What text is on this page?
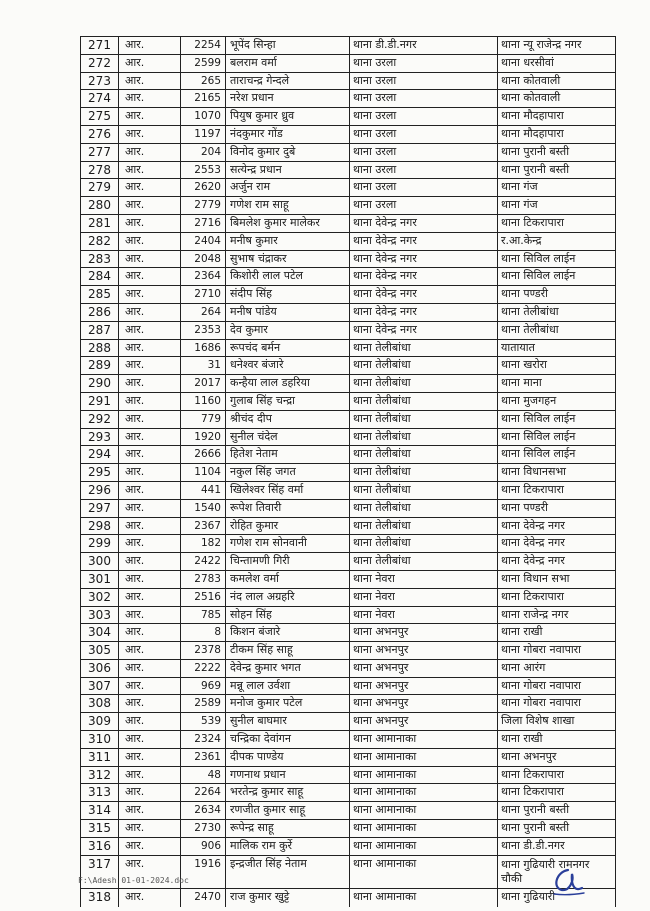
271	आर.	2254	भूपेंद सिन्हा	थाना डी.डी.नगर	थाना न्यू राजेन्द्र नगर
272	आर.	2599	बलराम वर्मा	थाना उरला	थाना धरसीवां
273	आर.	265	ताराचन्द्र गेन्दले	थाना उरला	थाना कोतवाली
274	आर.	2165	नरेश प्रधान	थाना उरला	थाना कोतवाली
275	आर.	1070	पियुष कुमार ध्रुव	थाना उरला	थाना मौदहापारा
276	आर.	1197	नंदकुमार गोंड	थाना उरला	थाना मौदहापारा
277	आर.	204	विनोद कुमार दुबे	थाना उरला	थाना पुरानी बस्ती
278	आर.	2553	सत्येन्द्र प्रधान	थाना उरला	थाना पुरानी बस्ती
279	आर.	2620	अर्जुन राम	थाना उरला	थाना गंज
280	आर.	2779	गणेश राम साहू	थाना उरला	थाना गंज
281	आर.	2716	बिमलेश कुमार मालेकर	थाना देवेन्द्र नगर	थाना टिकरापारा
282	आर.	2404	मनीष कुमार	थाना देवेन्द्र नगर	र.आ.केन्द्र
283	आर.	2048	सुभाष चंद्राकर	थाना देवेन्द्र नगर	थाना सिविल लाईन
284	आर.	2364	किशोरी लाल पटेल	थाना देवेन्द्र नगर	थाना सिविल लाईन
285	आर.	2710	संदीप सिंह	थाना देवेन्द्र नगर	थाना पण्डरी
286	आर.	264	मनीष पांडेय	थाना देवेन्द्र नगर	थाना तेलीबांधा
287	आर.	2353	देव कुमार	थाना देवेन्द्र नगर	थाना तेलीबांधा
288	आर.	1686	रूपचंद बर्मन	थाना तेलीबांधा	यातायात
289	आर.	31	धनेश्वर बंजारे	थाना तेलीबांधा	थाना खरोरा
290	आर.	2017	कन्हैया लाल डहरिया	थाना तेलीबांधा	थाना माना
291	आर.	1160	गुलाब सिंह चन्द्रा	थाना तेलीबांधा	थाना मुजगहन
292	आर.	779	श्रीचंद दीप	थाना तेलीबांधा	थाना सिविल लाईन
293	आर.	1920	सुनील चंदेल	थाना तेलीबांधा	थाना सिविल लाईन
294	आर.	2666	हितेश नेताम	थाना तेलीबांधा	थाना सिविल लाईन
295	आर.	1104	नकुल सिंह जगत	थाना तेलीबांधा	थाना विधानसभा
296	आर.	441	खिलेश्वर सिंह वर्मा	थाना तेलीबांधा	थाना टिकरापारा
297	आर.	1540	रूपेश तिवारी	थाना तेलीबांधा	थाना पण्डरी
298	आर.	2367	रोहित कुमार	थाना तेलीबांधा	थाना देवेन्द्र नगर
299	आर.	182	गणेश राम सोनवानी	थाना तेलीबांधा	थाना देवेन्द्र नगर
300	आर.	2422	चिन्तामणी गिरी	थाना तेलीबांधा	थाना देवेन्द्र नगर
301	आर.	2783	कमलेश वर्मा	थाना नेवरा	थाना विधान सभा
302	आर.	2516	नंद लाल अग्रहरि	थाना नेवरा	थाना टिकरापारा
303	आर.	785	सोहन सिंह	थाना नेवरा	थाना राजेन्द्र नगर
304	आर.	8	किशन बंजारे	थाना अभनपुर	थाना राखी
305	आर.	2378	टीकम सिंह साहू	थाना अभनपुर	थाना गोबरा नवापारा
306	आर.	2222	देवेन्द्र कुमार भगत	थाना अभनपुर	थाना आरंग
307	आर.	969	मन्नू लाल उर्वशा	थाना अभनपुर	थाना गोबरा नवापारा
308	आर.	2589	मनोज कुमार पटेल	थाना अभनपुर	थाना गोबरा नवापारा
309	आर.	539	सुनील बाघमार	थाना अभनपुर	जिला विशेष शाखा
310	आर.	2324	चन्द्रिका देवांगन	थाना आमानाका	थाना राखी
311	आर.	2361	दीपक पाण्डेय	थाना आमानाका	थाना अभनपुर
312	आर.	48	गणनाथ प्रधान	थाना आमानाका	थाना टिकरापारा
313	आर.	2264	भरतेन्द्र कुमार साहू	थाना आमानाका	थाना टिकरापारा
314	आर.	2634	रणजीत कुमार साहू	थाना आमानाका	थाना पुरानी बस्ती
315	आर.	2730	रूपेन्द्र साहू	थाना आमानाका	थाना पुरानी बस्ती
316	आर.	906	मालिक राम कुर्रे	थाना आमानाका	थाना डी.डी.नगर
317	आर.	1916	इन्द्रजीत सिंह नेताम	थाना आमानाका	थाना गुढियारी रामनगर चौकी
318	आर.	2470	राज कुमार खुट्टे	थाना आमानाका	थाना गुढियारी
F:\Adesh 01-01-2024.doc
